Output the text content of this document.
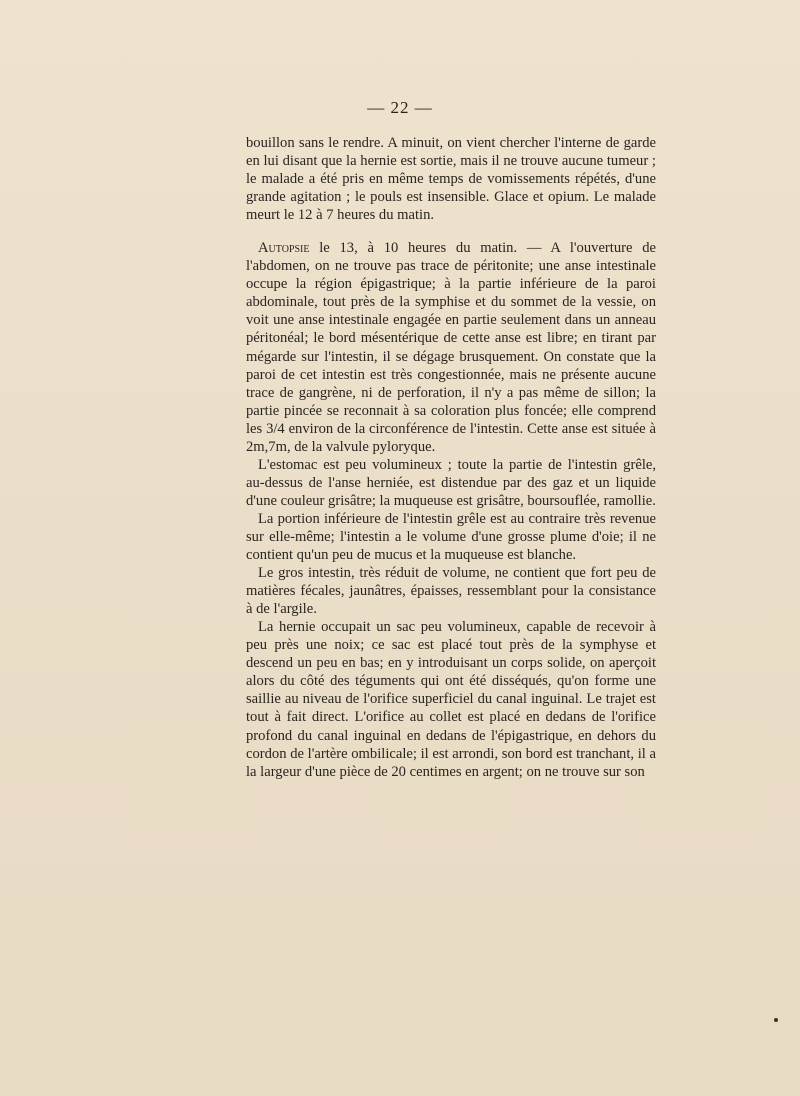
— 22 —

bouillon sans le rendre. A minuit, on vient chercher l'interne de garde en lui disant que la hernie est sortie, mais il ne trouve aucune tumeur ; le malade a été pris en même temps de vomissements répétés, d'une grande agitation ; le pouls est insensible. Glace et opium. Le malade meurt le 12 à 7 heures du matin.

Autopsie le 13, à 10 heures du matin. — A l'ouverture de l'abdomen, on ne trouve pas trace de péritonite; une anse intestinale occupe la région épigastrique; à la partie inférieure de la paroi abdominale, tout près de la symphise et du sommet de la vessie, on voit une anse intestinale engagée en partie seulement dans un anneau péritonéal; le bord mésentérique de cette anse est libre; en tirant par mégarde sur l'intestin, il se dégage brusquement. On constate que la paroi de cet intestin est très congestionnée, mais ne présente aucune trace de gangrène, ni de perforation, il n'y a pas même de sillon; la partie pincée se reconnait à sa coloration plus foncée; elle comprend les 3/4 environ de la circonférence de l'intestin. Cette anse est située à 2m,7m, de la valvule pyloryque.

L'estomac est peu volumineux ; toute la partie de l'intestin grêle, au-dessus de l'anse herniée, est distendue par des gaz et un liquide d'une couleur grisâtre; la muqueuse est grisâtre, boursouflée, ramollie.

La portion inférieure de l'intestin grêle est au contraire très revenue sur elle-même; l'intestin a le volume d'une grosse plume d'oie; il ne contient qu'un peu de mucus et la muqueuse est blanche.

Le gros intestin, très réduit de volume, ne contient que fort peu de matières fécales, jaunâtres, épaisses, ressemblant pour la consistance à de l'argile.

La hernie occupait un sac peu volumineux, capable de recevoir à peu près une noix; ce sac est placé tout près de la symphyse et descend un peu en bas; en y introduisant un corps solide, on aperçoit alors du côté des téguments qui ont été disséqués, qu'on forme une saillie au niveau de l'orifice superficiel du canal inguinal. Le trajet est tout à fait direct. L'orifice au collet est placé en dedans de l'orifice profond du canal inguinal en dedans de l'épigastrique, en dehors du cordon de l'artère ombilicale; il est arrondi, son bord est tranchant, il a la largeur d'une pièce de 20 centimes en argent; on ne trouve sur son
